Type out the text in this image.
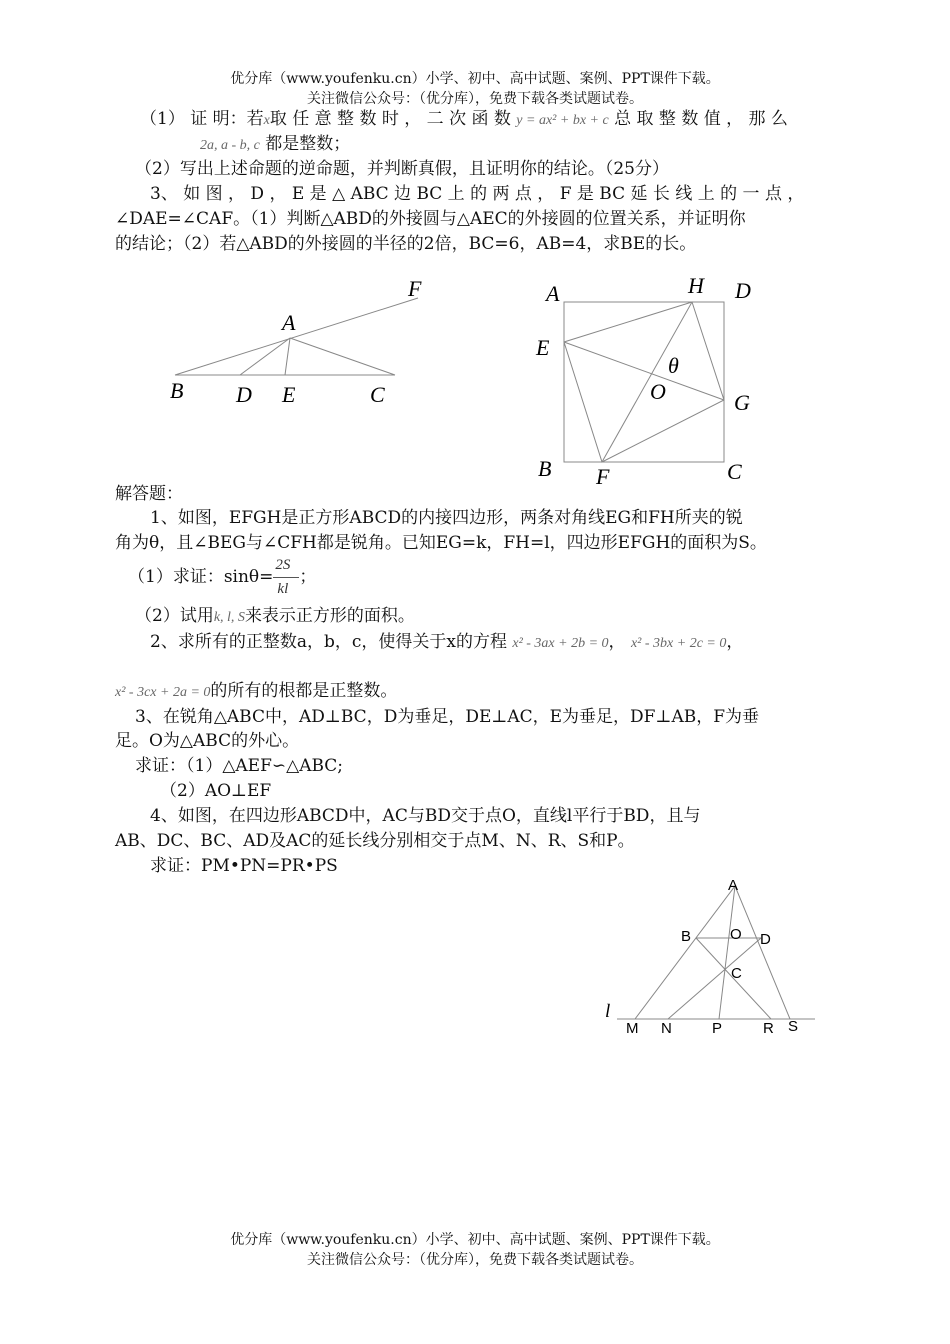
优分库（www.youfenku.cn）小学、初中、高中试题、案例、PPT课件下载。
关注微信公众号：（优分库），免费下载各类试题试卷。
（1） 证 明：若x取 任 意 整 数 时 ， 二 次 函 数 y = ax² + bx + c 总 取 整 数 值 ， 那 么
2a, a - b, c 都是整数；
（2）写出上述命题的逆命题，并判断真假，且证明你的结论。（25分）
3、 如 图 ， D ， E 是 △ ABC 边 BC 上 的 两 点 ， F 是 BC 延 长 线 上 的 一 点 ，
∠DAE=∠CAF。（1）判断△ABD的外接圆与△AEC的外接圆的位置关系，并证明你
的结论；（2）若△ABD的外接圆的半径的2倍，BC=6，AB=4，求BE的长。
F
A
B D E	C
A	H D
E
θ
O	G
B F	C
解答题：
1、如图，EFGH是正方形ABCD的内接四边形，两条对角线EG和FH所夹的锐
角为θ，且∠BEG与∠CFH都是锐角。已知EG=k，FH=l，四边形EFGH的面积为S。
（1）求证：$\sin\theta= \frac{2S}{kl}$ ；
（2）试用k, l, S来表示正方形的面积。
2、求所有的正整数a，b，c，使得关于x的方程 x² - 3ax + 2b = 0， x² - 3bx + 2c = 0，
x² - 3cx + 2a = 0的所有的根都是正整数。
3、在锐角△ABC中，AD⊥BC，D为垂足，DE⊥AC，E为垂足，DF⊥AB，F为垂
足。O为△ABC的外心。
求证：（1）△AEF∽△ABC;
（2）AO⊥EF
4、如图，在四边形ABCD中，AC与BD交于点O，直线l平行于BD，且与
AB、DC、BC、AD及AC的延长线分别相交于点M、N、R、S和P。
求证：PM•PN=PR•PS
A
B	O D
C
l
M N	P	R S
优分库（www.youfenku.cn）小学、初中、高中试题、案例、PPT课件下载。
关注微信公众号：（优分库），免费下载各类试题试卷。
